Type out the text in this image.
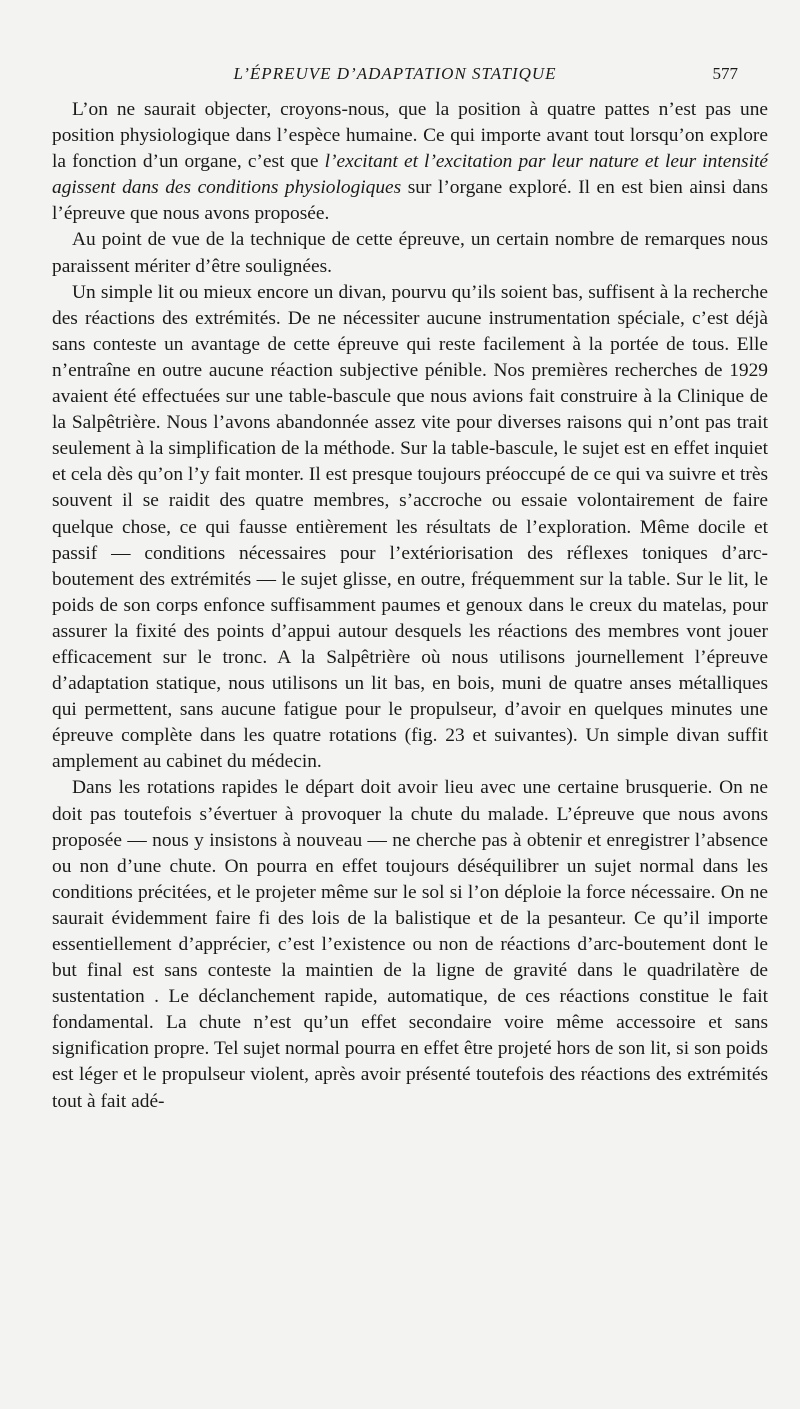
L’ÉPREUVE D’ADAPTATION STATIQUE	577

L’on ne saurait objecter, croyons-nous, que la position à quatre pattes n’est pas une position physiologique dans l’espèce humaine. Ce qui importe avant tout lorsqu’on explore la fonction d’un organe, c’est que l’excitant et l’excitation par leur nature et leur intensité agissent dans des conditions physiologiques sur l’organe exploré. Il en est bien ainsi dans l’épreuve que nous avons proposée.

Au point de vue de la technique de cette épreuve, un certain nombre de remarques nous paraissent mériter d’être soulignées.

Un simple lit ou mieux encore un divan, pourvu qu’ils soient bas, suffisent à la recherche des réactions des extrémités. De ne nécessiter aucune instrumentation spéciale, c’est déjà sans conteste un avantage de cette épreuve qui reste facilement à la portée de tous. Elle n’entraîne en outre aucune réaction subjective pénible. Nos premières recherches de 1929 avaient été effectuées sur une table-bascule que nous avions fait construire à la Clinique de la Salpêtrière. Nous l’avons abandonnée assez vite pour diverses raisons qui n’ont pas trait seulement à la simplification de la méthode. Sur la table-bascule, le sujet est en effet inquiet et cela dès qu’on l’y fait monter. Il est presque toujours préoccupé de ce qui va suivre et très souvent il se raidit des quatre membres, s’accroche ou essaie volontairement de faire quelque chose, ce qui fausse entièrement les résultats de l’exploration. Même docile et passif — conditions nécessaires pour l’extériorisation des réflexes toniques d’arc-boutement des extrémités — le sujet glisse, en outre, fréquemment sur la table. Sur le lit, le poids de son corps enfonce suffisamment paumes et genoux dans le creux du matelas, pour assurer la fixité des points d’appui autour desquels les réactions des membres vont jouer efficacement sur le tronc. A la Salpêtrière où nous utilisons journellement l’épreuve d’adaptation statique, nous utilisons un lit bas, en bois, muni de quatre anses métalliques qui permettent, sans aucune fatigue pour le propulseur, d’avoir en quelques minutes une épreuve complète dans les quatre rotations (fig. 23 et suivantes). Un simple divan suffit amplement au cabinet du médecin.

Dans les rotations rapides le départ doit avoir lieu avec une certaine brusquerie. On ne doit pas toutefois s’évertuer à provoquer la chute du malade. L’épreuve que nous avons proposée — nous y insistons à nouveau — ne cherche pas à obtenir et enregistrer l’absence ou non d’une chute. On pourra en effet toujours déséquilibrer un sujet normal dans les conditions précitées, et le projeter même sur le sol si l’on déploie la force nécessaire. On ne saurait évidemment faire fi des lois de la balistique et de la pesanteur. Ce qu’il importe essentiellement d’apprécier, c’est l’existence ou non de réactions d’arc-boutement dont le but final est sans conteste la maintien de la ligne de gravité dans le quadrilatère de sustentation . Le déclanchement rapide, automatique, de ces réactions constitue le fait fondamental. La chute n’est qu’un effet secondaire voire même accessoire et sans signification propre. Tel sujet normal pourra en effet être projeté hors de son lit, si son poids est léger et le propulseur violent, après avoir présenté toutefois des réactions des extrémités tout à fait adé-
